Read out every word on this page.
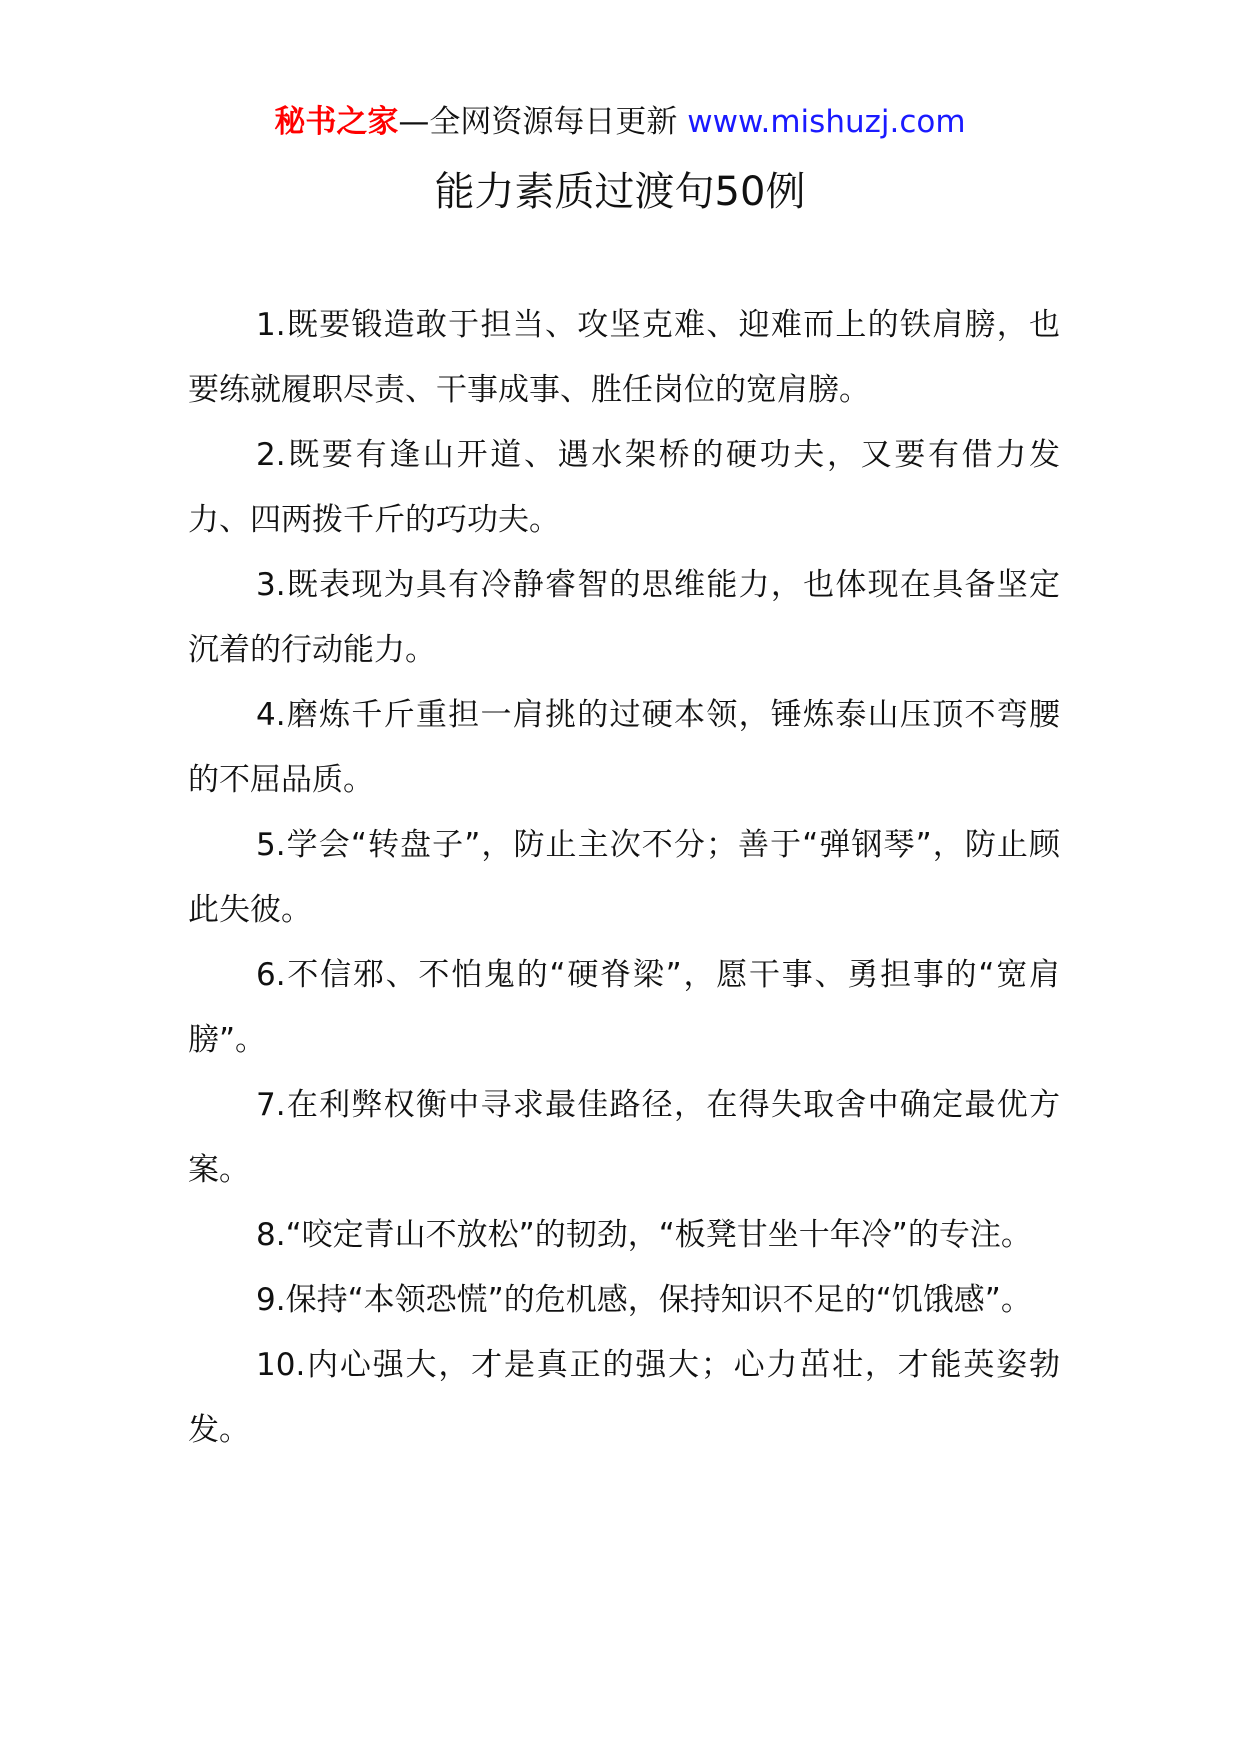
秘书之家—全网资源每日更新 www.mishuzj.com
能力素质过渡句50例

1.既要锻造敢于担当、攻坚克难、迎难而上的铁肩膀，也要练就履职尽责、干事成事、胜任岗位的宽肩膀。

2.既要有逢山开道、遇水架桥的硬功夫，又要有借力发力、四两拨千斤的巧功夫。

3.既表现为具有冷静睿智的思维能力，也体现在具备坚定沉着的行动能力。

4.磨炼千斤重担一肩挑的过硬本领，锤炼泰山压顶不弯腰的不屈品质。

5.学会“转盘子”，防止主次不分；善于“弹钢琴”，防止顾此失彼。

6.不信邪、不怕鬼的“硬脊梁”，愿干事、勇担事的“宽肩膀”。

7.在利弊权衡中寻求最佳路径，在得失取舍中确定最优方案。

8.“咬定青山不放松”的韧劲，“板凳甘坐十年冷”的专注。

9.保持“本领恐慌”的危机感，保持知识不足的“饥饿感”。

10.内心强大，才是真正的强大；心力茁壮，才能英姿勃发。
